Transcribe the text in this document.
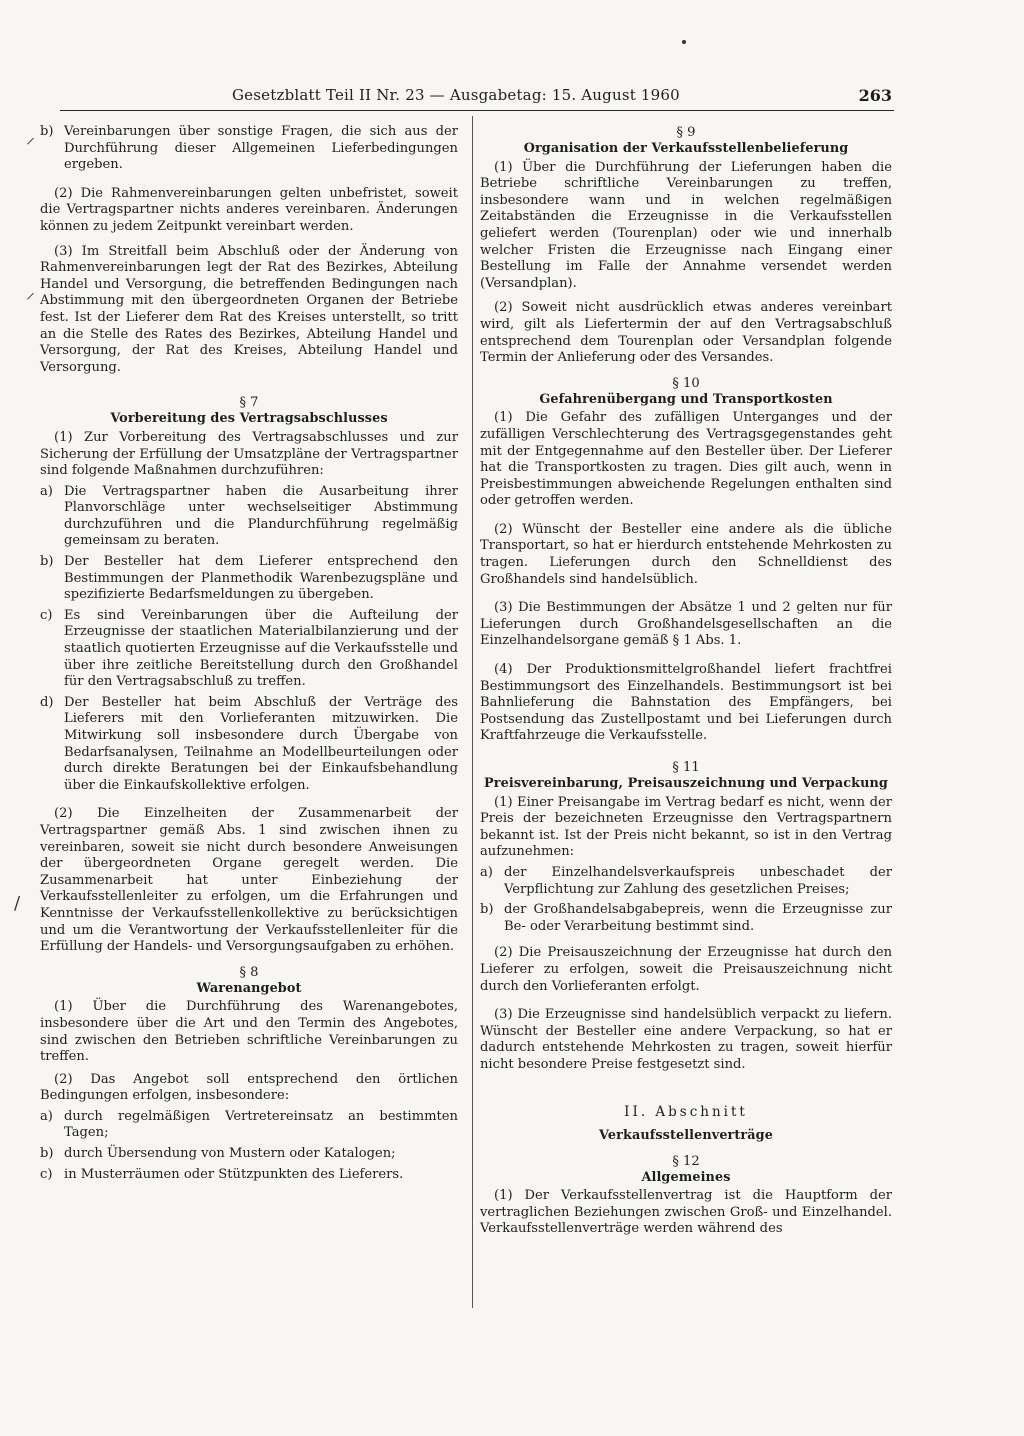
Gesetzblatt Teil II Nr. 23 — Ausgabetag: 15. August 1960	263
⸝
⸝
/
b) Vereinbarungen über sonstige Fragen, die sich aus der Durchführung dieser Allgemeinen Lieferbedingungen ergeben.

(2) Die Rahmenvereinbarungen gelten unbefristet, soweit die Vertragspartner nichts anderes vereinbaren. Änderungen können zu jedem Zeitpunkt vereinbart werden.

(3) Im Streitfall beim Abschluß oder der Änderung von Rahmenvereinbarungen legt der Rat des Bezirkes, Abteilung Handel und Versorgung, die betreffenden Bedingungen nach Abstimmung mit den übergeordneten Organen der Betriebe fest. Ist der Lieferer dem Rat des Kreises unterstellt, so tritt an die Stelle des Rates des Bezirkes, Abteilung Handel und Versorgung, der Rat des Kreises, Abteilung Handel und Versorgung.

§ 7
Vorbereitung des Vertragsabschlusses

(1) Zur Vorbereitung des Vertragsabschlusses und zur Sicherung der Erfüllung der Umsatzpläne der Vertragspartner sind folgende Maßnahmen durchzuführen:

a) Die Vertragspartner haben die Ausarbeitung ihrer Planvorschläge unter wechselseitiger Abstimmung durchzuführen und die Plandurchführung regelmäßig gemeinsam zu beraten.
b) Der Besteller hat dem Lieferer entsprechend den Bestimmungen der Planmethodik Warenbezugspläne und spezifizierte Bedarfsmeldungen zu übergeben.
c) Es sind Vereinbarungen über die Aufteilung der Erzeugnisse der staatlichen Materialbilanzierung und der staatlich quotierten Erzeugnisse auf die Verkaufsstelle und über ihre zeitliche Bereitstellung durch den Großhandel für den Vertragsabschluß zu treffen.
d) Der Besteller hat beim Abschluß der Verträge des Lieferers mit den Vorlieferanten mitzuwirken. Die Mitwirkung soll insbesondere durch Übergabe von Bedarfsanalysen, Teilnahme an Modellbeurteilungen oder durch direkte Beratungen bei der Einkaufsbehandlung über die Einkaufskollektive erfolgen.

(2) Die Einzelheiten der Zusammenarbeit der Vertragspartner gemäß Abs. 1 sind zwischen ihnen zu vereinbaren, soweit sie nicht durch besondere Anweisungen der übergeordneten Organe geregelt werden. Die Zusammenarbeit hat unter Einbeziehung der Verkaufsstellenleiter zu erfolgen, um die Erfahrungen und Kenntnisse der Verkaufsstellenkollektive zu berücksichtigen und um die Verantwortung der Verkaufsstellenleiter für die Erfüllung der Handels- und Versorgungsaufgaben zu erhöhen.

§ 8
Warenangebot

(1) Über die Durchführung des Warenangebotes, insbesondere über die Art und den Termin des Angebotes, sind zwischen den Betrieben schriftliche Vereinbarungen zu treffen.

(2) Das Angebot soll entsprechend den örtlichen Bedingungen erfolgen, insbesondere:

a) durch regelmäßigen Vertretereinsatz an bestimmten Tagen;
b) durch Übersendung von Mustern oder Katalogen;
c) in Musterräumen oder Stützpunkten des Lieferers.
§ 9
Organisation der Verkaufsstellenbelieferung

(1) Über die Durchführung der Lieferungen haben die Betriebe schriftliche Vereinbarungen zu treffen, insbesondere wann und in welchen regelmäßigen Zeitabständen die Erzeugnisse in die Verkaufsstellen geliefert werden (Tourenplan) oder wie und innerhalb welcher Fristen die Erzeugnisse nach Eingang einer Bestellung im Falle der Annahme versendet werden (Versandplan).

(2) Soweit nicht ausdrücklich etwas anderes vereinbart wird, gilt als Liefertermin der auf den Vertragsabschluß entsprechend dem Tourenplan oder Versandplan folgende Termin der Anlieferung oder des Versandes.

§ 10
Gefahrenübergang und Transportkosten

(1) Die Gefahr des zufälligen Unterganges und der zufälligen Verschlechterung des Vertragsgegenstandes geht mit der Entgegennahme auf den Besteller über. Der Lieferer hat die Transportkosten zu tragen. Dies gilt auch, wenn in Preisbestimmungen abweichende Regelungen enthalten sind oder getroffen werden.

(2) Wünscht der Besteller eine andere als die übliche Transportart, so hat er hierdurch entstehende Mehrkosten zu tragen. Lieferungen durch den Schnelldienst des Großhandels sind handelsüblich.

(3) Die Bestimmungen der Absätze 1 und 2 gelten nur für Lieferungen durch Großhandelsgesellschaften an die Einzelhandelsorgane gemäß § 1 Abs. 1.

(4) Der Produktionsmittelgroßhandel liefert frachtfrei Bestimmungsort des Einzelhandels. Bestimmungsort ist bei Bahnlieferung die Bahnstation des Empfängers, bei Postsendung das Zustellpostamt und bei Lieferungen durch Kraftfahrzeuge die Verkaufsstelle.

§ 11
Preisvereinbarung, Preisauszeichnung und Verpackung

(1) Einer Preisangabe im Vertrag bedarf es nicht, wenn der Preis der bezeichneten Erzeugnisse den Vertragspartnern bekannt ist. Ist der Preis nicht bekannt, so ist in den Vertrag aufzunehmen:

a) der Einzelhandelsverkaufspreis unbeschadet der Verpflichtung zur Zahlung des gesetzlichen Preises;
b) der Großhandelsabgabepreis, wenn die Erzeugnisse zur Be- oder Verarbeitung bestimmt sind.

(2) Die Preisauszeichnung der Erzeugnisse hat durch den Lieferer zu erfolgen, soweit die Preisauszeichnung nicht durch den Vorlieferanten erfolgt.

(3) Die Erzeugnisse sind handelsüblich verpackt zu liefern. Wünscht der Besteller eine andere Verpackung, so hat er dadurch entstehende Mehrkosten zu tragen, soweit hierfür nicht besondere Preise festgesetzt sind.

II. Abschnitt
Verkaufsstellenverträge
§ 12
Allgemeines

(1) Der Verkaufsstellenvertrag ist die Hauptform der vertraglichen Beziehungen zwischen Groß- und Einzelhandel. Verkaufsstellenverträge werden während des
